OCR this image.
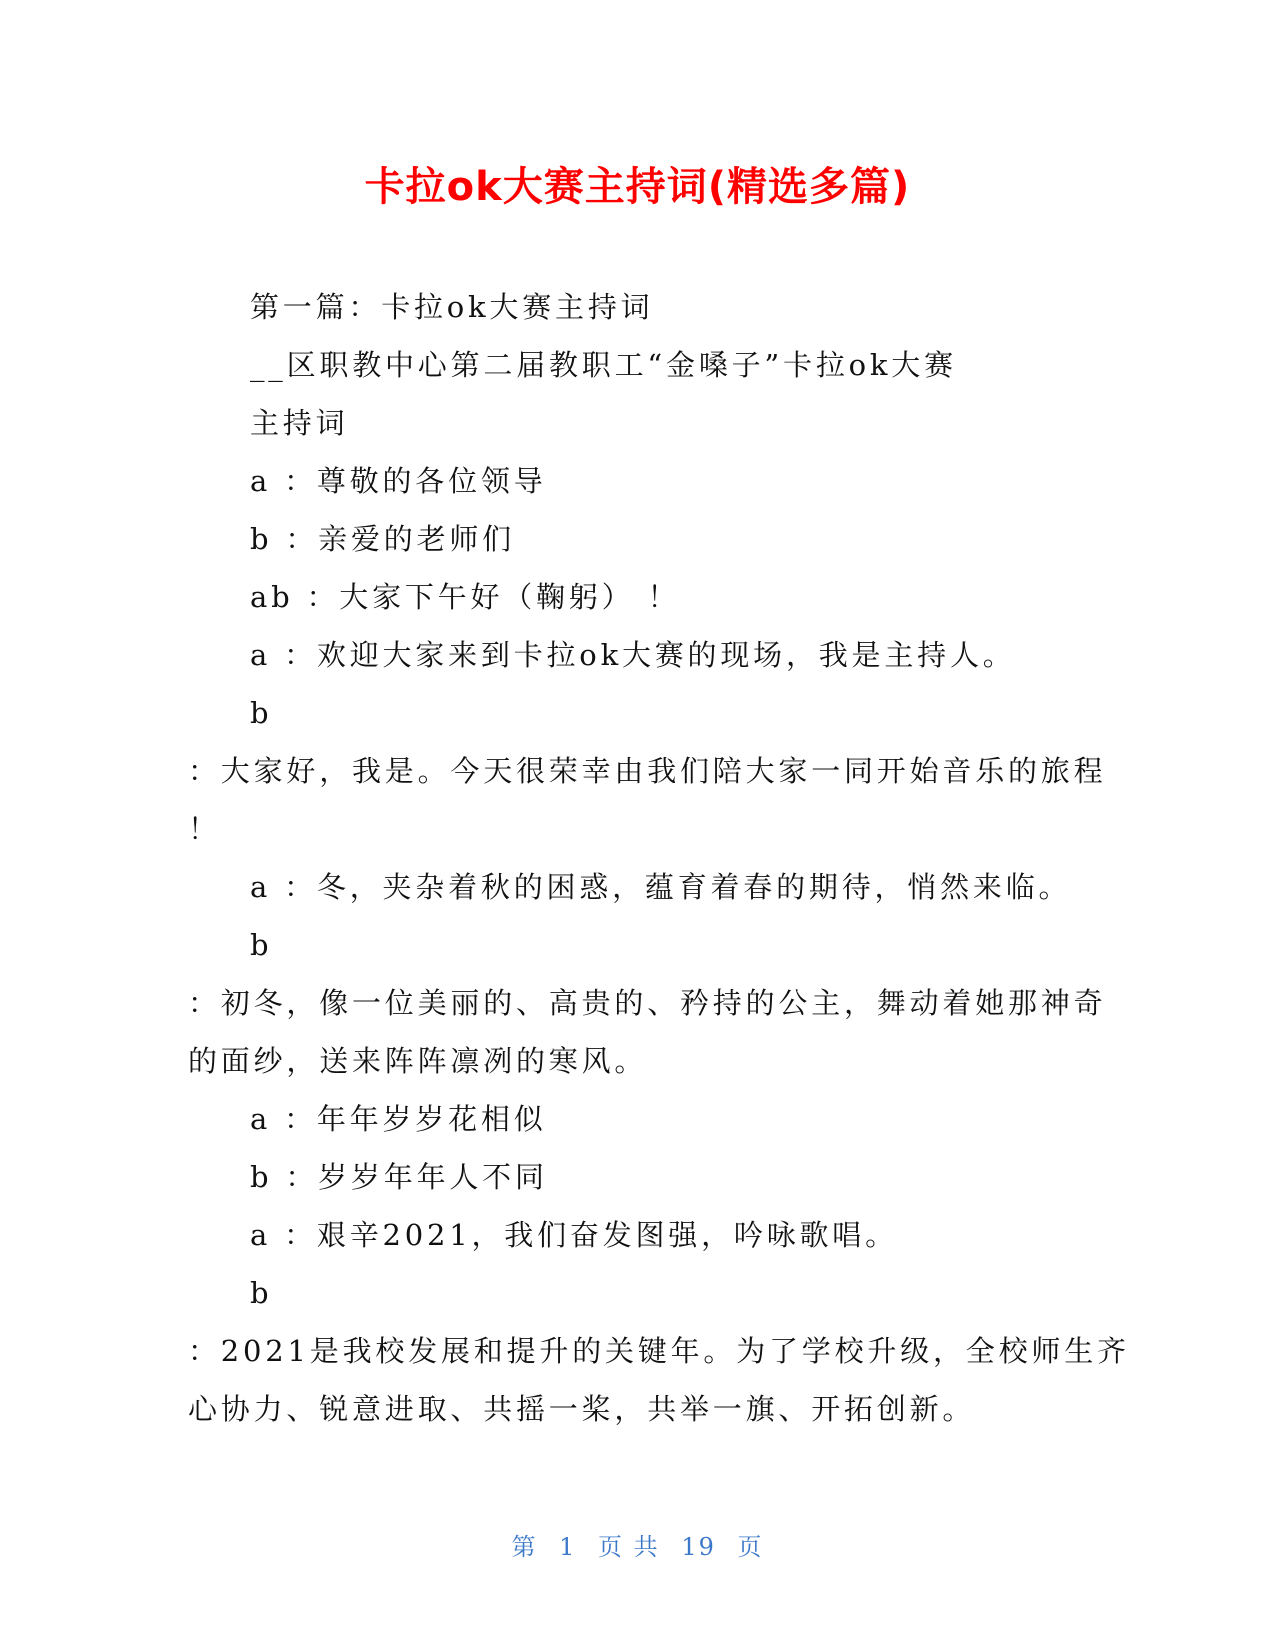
卡拉ok大赛主持词(精选多篇)
第一篇：卡拉ok大赛主持词
__区职教中心第二届教职工“金嗓子”卡拉ok大赛
主持词
a ：尊敬的各位领导
b ：亲爱的老师们
ab ：大家下午好（鞠躬） ！
a ：欢迎大家来到卡拉ok大赛的现场，我是主持人。
b
：大家好，我是。今天很荣幸由我们陪大家一同开始音乐的旅程
！
a ：冬，夹杂着秋的困惑，蕴育着春的期待，悄然来临。
b
：初冬，像一位美丽的、高贵的、矜持的公主，舞动着她那神奇
的面纱，送来阵阵凛冽的寒风。
a ：年年岁岁花相似
b ：岁岁年年人不同
a ：艰辛2021，我们奋发图强，吟咏歌唱。
b
：2021是我校发展和提升的关键年。为了学校升级，全校师生齐
心协力、锐意进取、共摇一桨，共举一旗、开拓创新。
第 1 页 共 19 页
